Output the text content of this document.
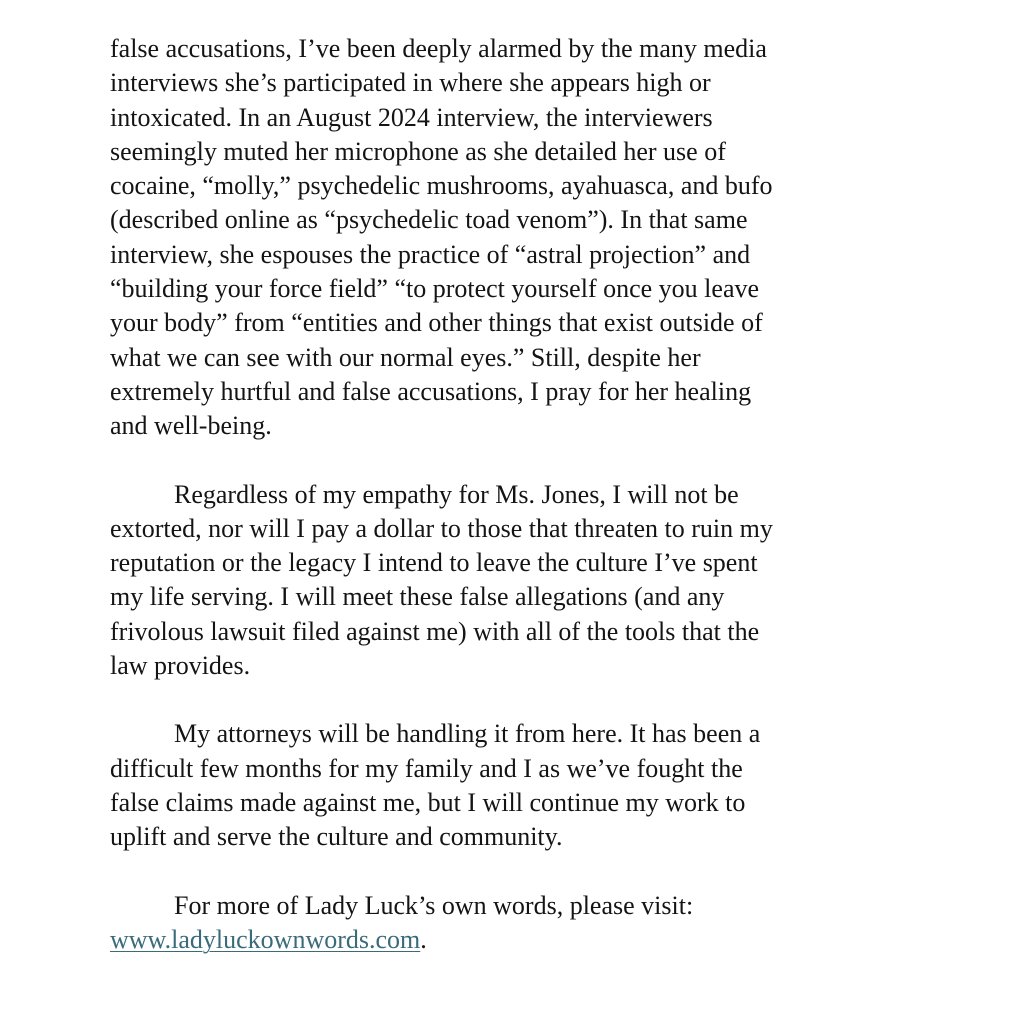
false accusations, I’ve been deeply alarmed by the many media
interviews she’s participated in where she appears high or
intoxicated. In an August 2024 interview, the interviewers
seemingly muted her microphone as she detailed her use of
cocaine, “molly,” psychedelic mushrooms, ayahuasca, and bufo
(described online as “psychedelic toad venom”). In that same
interview, she espouses the practice of “astral projection” and
“building your force field” “to protect yourself once you leave
your body” from “entities and other things that exist outside of
what we can see with our normal eyes.” Still, despite her
extremely hurtful and false accusations, I pray for her healing
and well-being.

Regardless of my empathy for Ms. Jones, I will not be
extorted, nor will I pay a dollar to those that threaten to ruin my
reputation or the legacy I intend to leave the culture I’ve spent
my life serving. I will meet these false allegations (and any
frivolous lawsuit filed against me) with all of the tools that the
law provides.

My attorneys will be handling it from here. It has been a
difficult few months for my family and I as we’ve fought the
false claims made against me, but I will continue my work to
uplift and serve the culture and community.

For more of Lady Luck’s own words, please visit:
www.ladyluckownwords.com.
